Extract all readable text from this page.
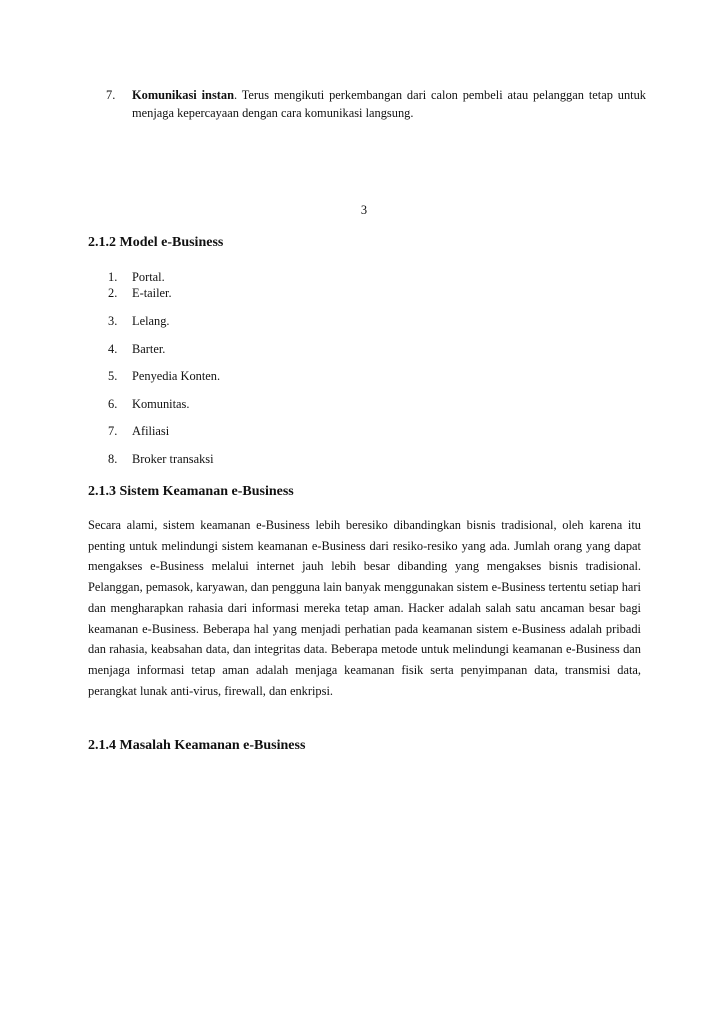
7.	Komunikasi instan. Terus mengikuti perkembangan dari calon pembeli atau pelanggan tetap untuk menjaga kepercayaan dengan cara komunikasi langsung.
3
2.1.2 Model e-Business
1. Portal.
2. E-tailer.
3. Lelang.
4. Barter.
5. Penyedia Konten.
6. Komunitas.
7. Afiliasi
8. Broker transaksi
2.1.3 Sistem Keamanan e-Business

Secara alami, sistem keamanan e-Business lebih beresiko dibandingkan bisnis tradisional, oleh karena itu penting untuk melindungi sistem keamanan e-Business dari resiko-resiko yang ada. Jumlah orang yang dapat mengakses e-Business melalui internet jauh lebih besar dibanding yang mengakses bisnis tradisional. Pelanggan, pemasok, karyawan, dan pengguna lain banyak menggunakan sistem e-Business tertentu setiap hari dan mengharapkan rahasia dari informasi mereka tetap aman. Hacker adalah salah satu ancaman besar bagi keamanan e-Business. Beberapa hal yang menjadi perhatian pada keamanan sistem e-Business adalah pribadi dan rahasia, keabsahan data, dan integritas data. Beberapa metode untuk melindungi keamanan e-Business dan menjaga informasi tetap aman adalah menjaga keamanan fisik serta penyimpanan data, transmisi data, perangkat lunak anti-virus, firewall, dan enkripsi.

2.1.4 Masalah Keamanan e-Business
